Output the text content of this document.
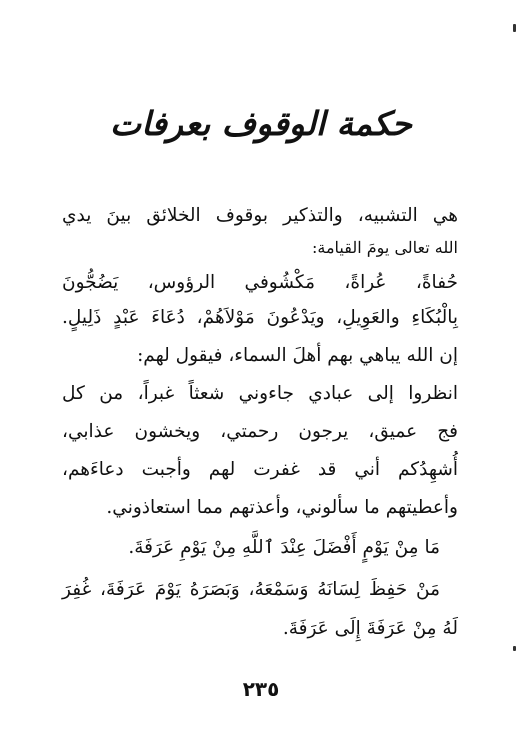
حكمة الوقوف بعرفات
هي التشبيه، والتذكير بوقوف الخلائق بينَ يدي
الله تعالى يومَ القيامة:
حُفاةً، عُراةً، مَكْشُوفي الرؤوس، يَضُجُّونَ
بِالْبُكَاءِ والعَوِيلِ، ويَدْعُونَ مَوْلاَهُمْ، دُعَاءَ عَبْدٍ ذَلِيلٍ.
إن الله يباهي بهم أهلَ السماء، فيقول لهم:
انظروا إلى عبادي جاءوني شعثاً غبراً، من كل
فج عميق، يرجون رحمتي، ويخشون عذابي،
أُشهِدُكم أني قد غفرت لهم وأجبت دعاءَهم،
وأعطيتهم ما سألوني، وأعذتهم مما استعاذوني.
مَا مِنْ يَوْمٍ أَفْضَلَ عِنْدَ ٱللَّهِ مِنْ يَوْمِ عَرَفَةَ.
مَنْ حَفِظَ لِسَانَهُ وَسَمْعَهُ، وَبَصَرَهُ يَوْمَ عَرَفَةَ، غُفِرَ
لَهُ مِنْ عَرَفَةَ إِلَى عَرَفَةَ.
٢٣٥
